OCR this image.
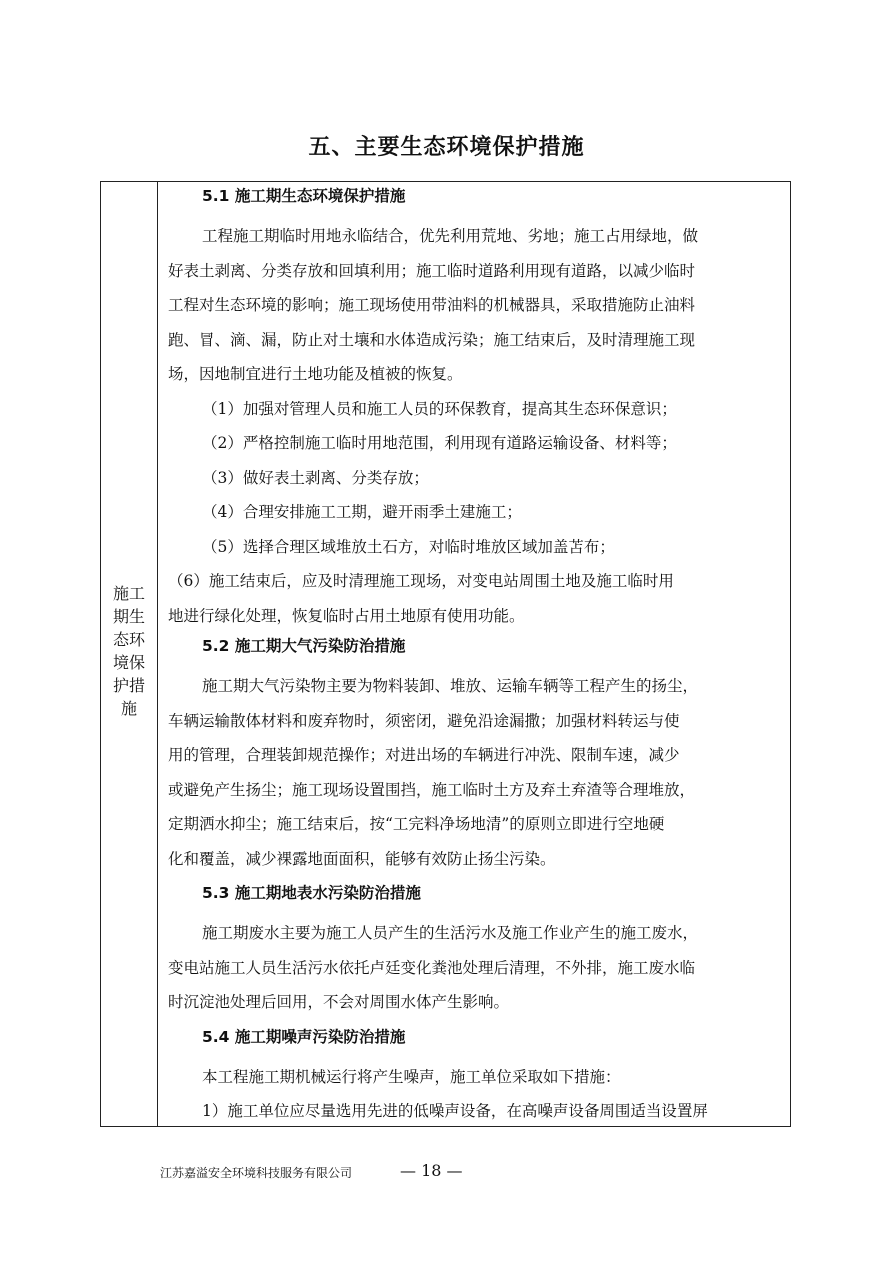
五、主要生态环境保护措施
施工
期生
态环
境保
护措
施
5.1 施工期生态环境保护措施

工程施工期临时用地永临结合，优先利用荒地、劣地；施工占用绿地，做
好表土剥离、分类存放和回填利用；施工临时道路利用现有道路，以减少临时
工程对生态环境的影响；施工现场使用带油料的机械器具，采取措施防止油料
跑、冒、滴、漏，防止对土壤和水体造成污染；施工结束后，及时清理施工现
场，因地制宜进行土地功能及植被的恢复。

（1）加强对管理人员和施工人员的环保教育，提高其生态环保意识；

（2）严格控制施工临时用地范围，利用现有道路运输设备、材料等；

（3）做好表土剥离、分类存放；

（4）合理安排施工工期，避开雨季土建施工；

（5）选择合理区域堆放土石方，对临时堆放区域加盖苫布；

（6）施工结束后，应及时清理施工现场，对变电站周围土地及施工临时用
地进行绿化处理，恢复临时占用土地原有使用功能。

5.2 施工期大气污染防治措施

施工期大气污染物主要为物料装卸、堆放、运输车辆等工程产生的扬尘，
车辆运输散体材料和废弃物时，须密闭，避免沿途漏撒；加强材料转运与使
用的管理，合理装卸规范操作；对进出场的车辆进行冲洗、限制车速，减少
或避免产生扬尘；施工现场设置围挡，施工临时土方及弃土弃渣等合理堆放，
定期洒水抑尘；施工结束后，按“工完料净场地清”的原则立即进行空地硬
化和覆盖，减少裸露地面面积，能够有效防止扬尘污染。

5.3 施工期地表水污染防治措施

施工期废水主要为施工人员产生的生活污水及施工作业产生的施工废水，
变电站施工人员生活污水依托卢廷变化粪池处理后清理，不外排，施工废水临
时沉淀池处理后回用，不会对周围水体产生影响。

5.4 施工期噪声污染防治措施

本工程施工期机械运行将产生噪声，施工单位采取如下措施：

1）施工单位应尽量选用先进的低噪声设备，在高噪声设备周围适当设置屏

江苏嘉溢安全环境科技服务有限公司	— 18 —
